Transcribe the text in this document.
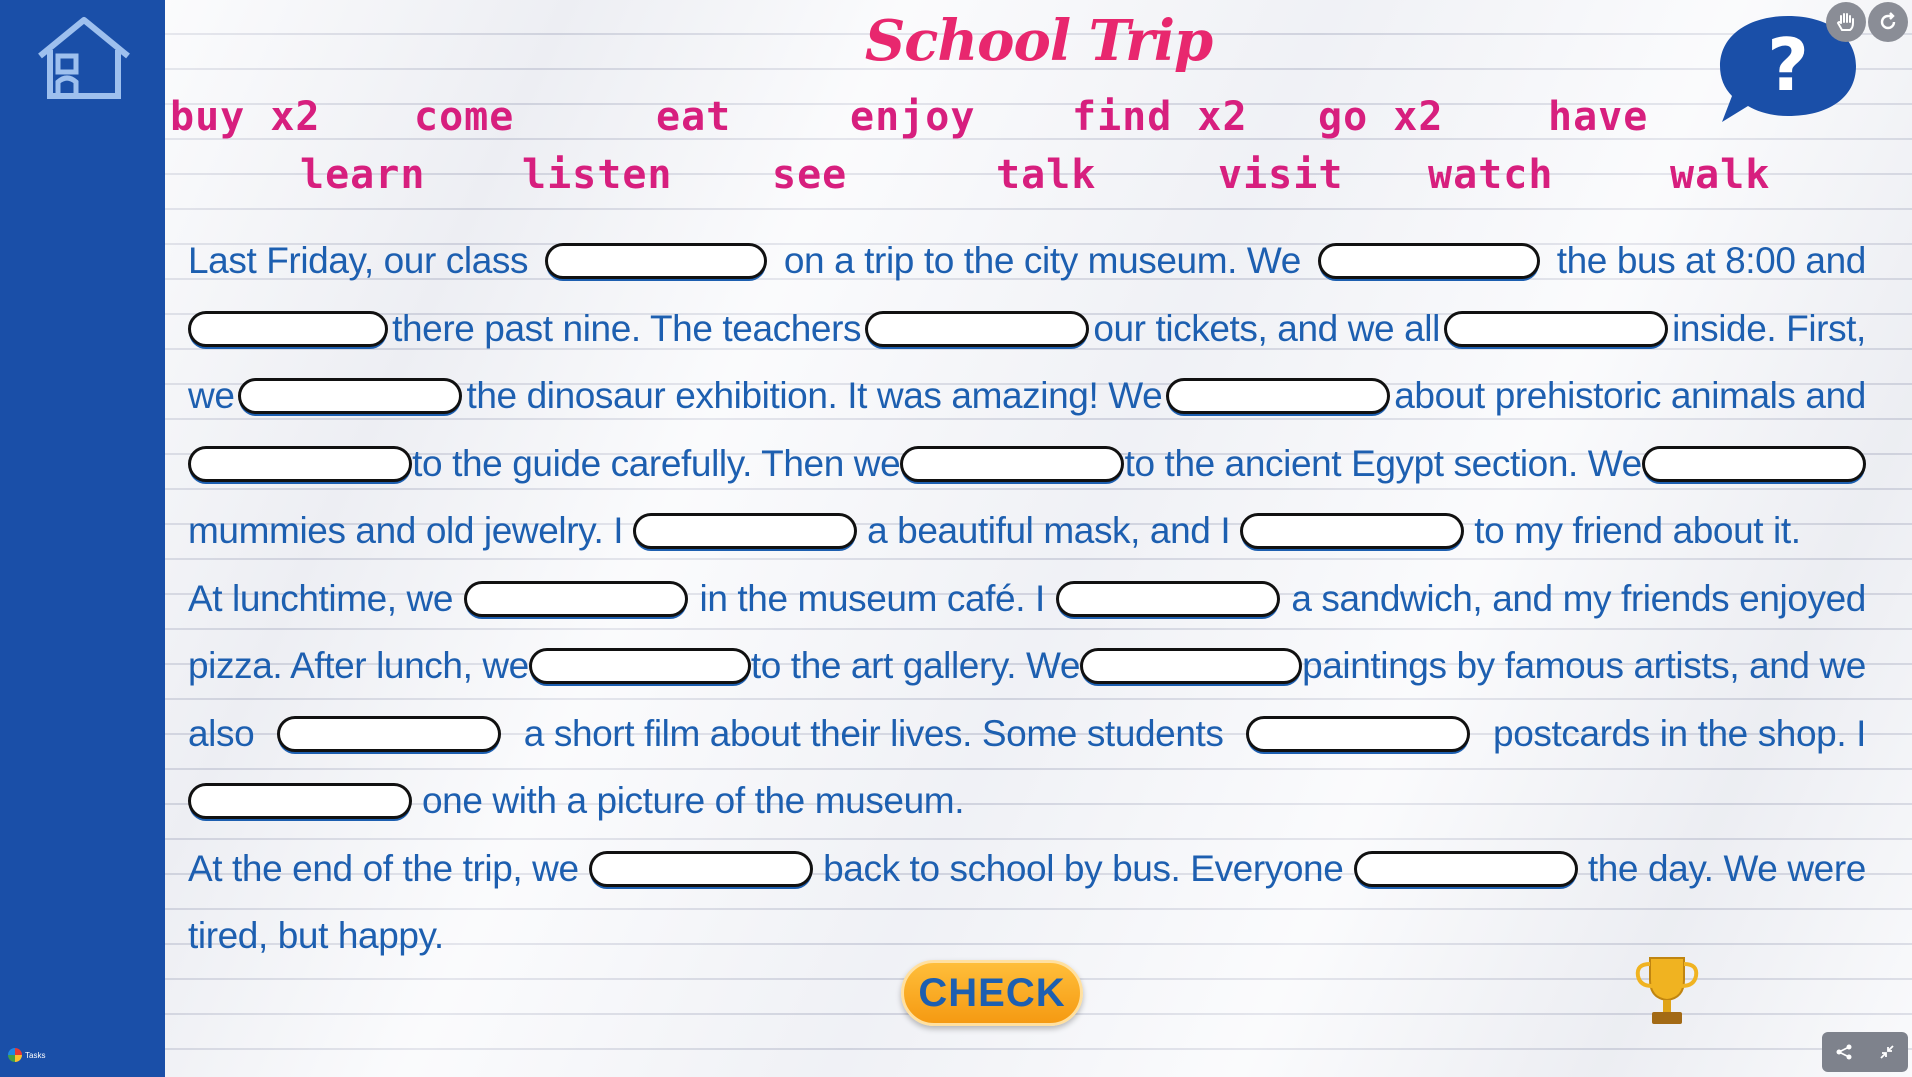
Tasks
School Trip
buy x2 come	eat	enjoy find x2 go x2	have
learn listen see	talk	visit watch	walk
?
Last Friday, our class	on a trip to the city museum. We	the bus at 8:00 and
there past nine. The teachers	our tickets, and we all	inside. First,
we	the dinosaur exhibition. It was amazing! We	about prehistoric animals and
to the guide carefully. Then we	to the ancient Egypt section. We
mummies and old jewelry. I	a beautiful mask, and I	to my friend about it.
At lunchtime, we	in the museum café. I	a sandwich, and my friends enjoyed
pizza. After lunch, we	to the art gallery. We	paintings by famous artists, and we
also	a short film about their lives. Some students	postcards in the shop. I
one with a picture of the museum.
At the end of the trip, we	back to school by bus. Everyone	the day. We were
tired, but happy.
CHECK
